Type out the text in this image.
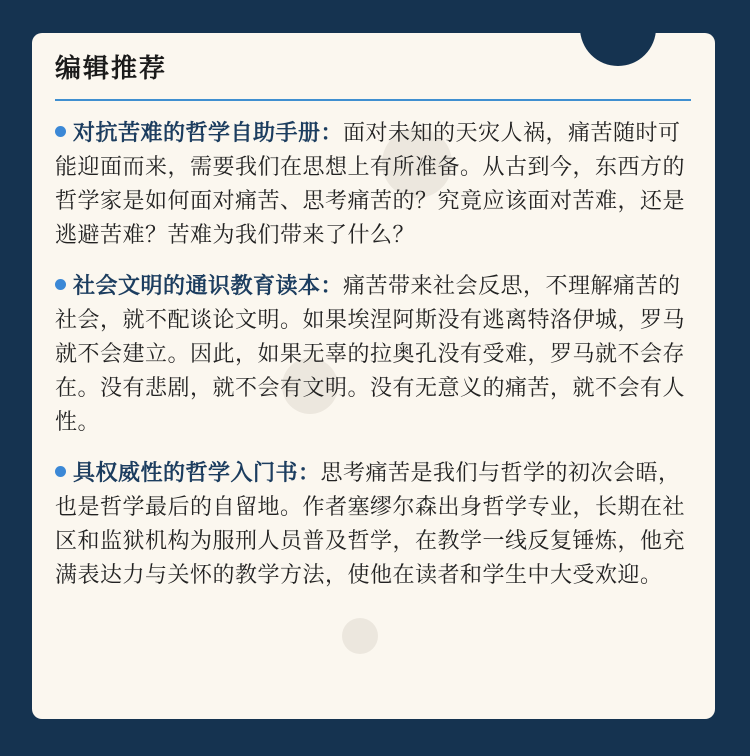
编辑推荐
对抗苦难的哲学自助手册：面对未知的天灾人祸，痛苦随时可能迎面而来，需要我们在思想上有所准备。从古到今，东西方的哲学家是如何面对痛苦、思考痛苦的？究竟应该面对苦难，还是逃避苦难？苦难为我们带来了什么？
社会文明的通识教育读本：痛苦带来社会反思，不理解痛苦的社会，就不配谈论文明。如果埃涅阿斯没有逃离特洛伊城，罗马就不会建立。因此，如果无辜的拉奥孔没有受难，罗马就不会存在。没有悲剧，就不会有文明。没有无意义的痛苦，就不会有人性。
具权威性的哲学入门书：思考痛苦是我们与哲学的初次会晤，也是哲学最后的自留地。作者塞缪尔森出身哲学专业，长期在社区和监狱机构为服刑人员普及哲学，在教学一线反复锤炼，他充满表达力与关怀的教学方法，使他在读者和学生中大受欢迎。
